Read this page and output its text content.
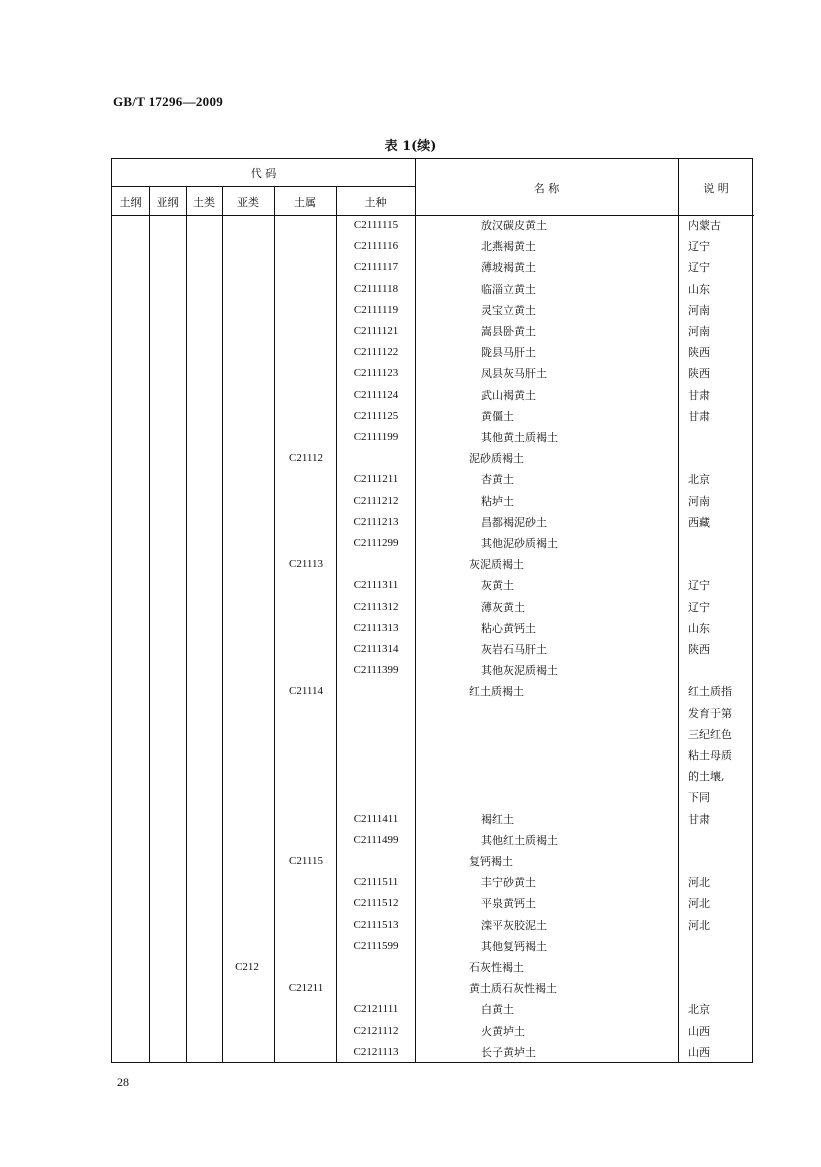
GB/T 17296—2009
表 1(续)
代 码
土纲	亚纲	土类	亚类	土属	土种
名 称	说 明
C2111115	放汉碳皮黄土	内蒙古
C2111116	北燕褐黄土	辽宁
C2111117	薄坡褐黄土	辽宁
C2111118	临淄立黄土	山东
C2111119	灵宝立黄土	河南
C2111121	嵩县卧黄土	河南
C2111122	陇县马肝土	陕西
C2111123	凤县灰马肝土	陕西
C2111124	武山褐黄土	甘肃
C2111125	黄僵土	甘肃
C2111199	其他黄土质褐土
C21112	泥砂质褐土
C2111211	杏黄土	北京
C2111212	粘垆土	河南
C2111213	昌都褐泥砂土	西藏
C2111299	其他泥砂质褐土
C21113	灰泥质褐土
C2111311	灰黄土	辽宁
C2111312	薄灰黄土	辽宁
C2111313	粘心黄钙土	山东
C2111314	灰岩石马肝土	陕西
C2111399	其他灰泥质褐土
C21114	红土质褐土	红土质指
发育于第
三纪红色
粘土母质
的土壤,
下同
C2111411	褐红土	甘肃
C2111499	其他红土质褐土
C21115	复钙褐土
C2111511	丰宁砂黄土	河北
C2111512	平泉黄钙土	河北
C2111513	滦平灰胶泥土	河北
C2111599	其他复钙褐土
C212	石灰性褐土
C21211	黄土质石灰性褐土
C2121111	白黄土	北京
C2121112	火黄垆土	山西
C2121113	长子黄垆土	山西
28
